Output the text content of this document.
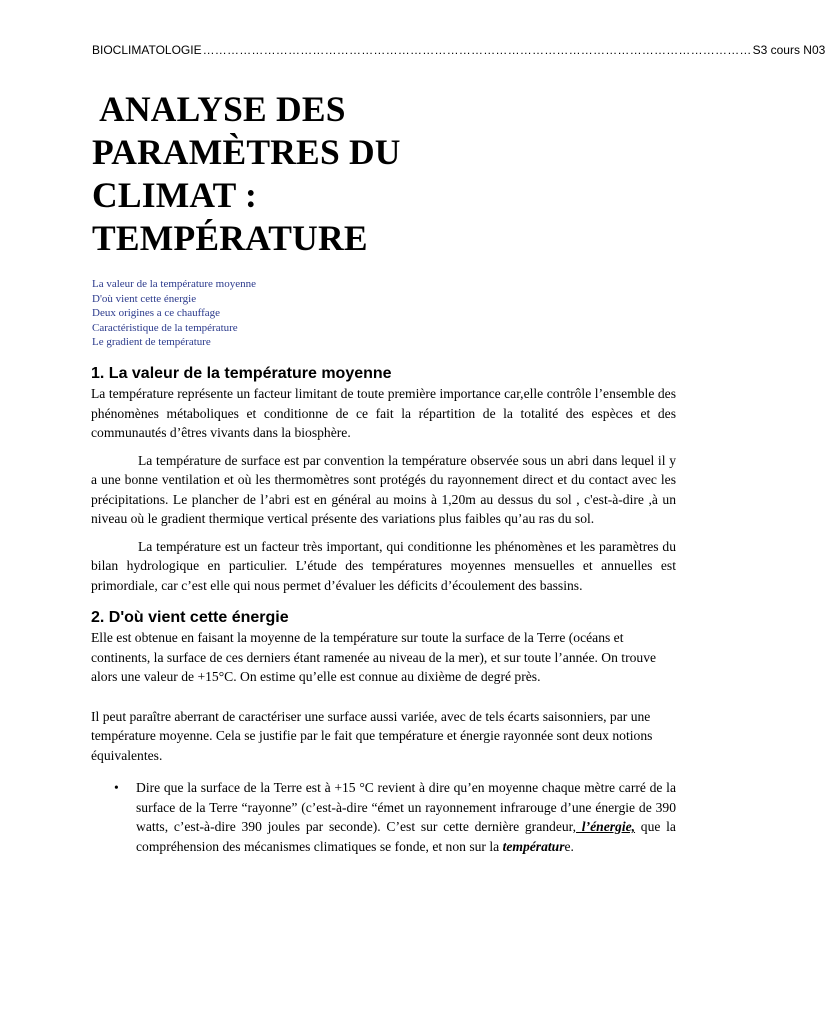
BIOCLIMATOLOGIE ……………………………………………………………………………………………………………………… S3 cours N03
ANALYSE DES
PARAMÈTRES DU
CLIMAT :
TEMPÉRATURE
La valeur de la température moyenne
D'où vient cette énergie
Deux origines a ce chauffage
Caractéristique de la température
Le gradient de température
1. La valeur de la température moyenne

La température représente un facteur limitant de toute première importance car,elle contrôle l’ensemble des phénomènes métaboliques et conditionne de ce fait la répartition de la totalité des espèces et des communautés d’êtres vivants dans la biosphère.

La température de surface est par convention la température observée sous un abri dans lequel il y a une bonne ventilation et où les thermomètres sont protégés du rayonnement direct et du contact avec les précipitations. Le plancher de l’abri est en général au moins à 1,20m au dessus du sol , c'est-à-dire ,à un niveau où le gradient thermique vertical présente des variations plus faibles qu’au ras du sol.

La température est un facteur très important, qui conditionne les phénomènes et les paramètres du bilan hydrologique en particulier. L’étude des températures moyennes mensuelles et annuelles est primordiale, car c’est elle qui nous permet d’évaluer les déficits d’écoulement des bassins.

2. D'où vient cette énergie

Elle est obtenue en faisant la moyenne de la température sur toute la surface de la Terre (océans et continents, la surface de ces derniers étant ramenée au niveau de la mer), et sur toute l’année. On trouve alors une valeur de +15°C. On estime qu’elle est connue au dixième de degré près.

Il peut paraître aberrant de caractériser une surface aussi variée, avec de tels écarts saisonniers, par une température moyenne. Cela se justifie par le fait que température et énergie rayonnée sont deux notions équivalentes.

• Dire que la surface de la Terre est à +15 °C revient à dire qu’en moyenne chaque mètre carré de la surface de la Terre “rayonne” (c’est-à-dire “émet un rayonnement infrarouge d’une énergie de 390 watts, c’est-à-dire 390 joules par seconde). C’est sur cette dernière grandeur, l’énergie, que la compréhension des mécanismes climatiques se fonde, et non sur la température.
